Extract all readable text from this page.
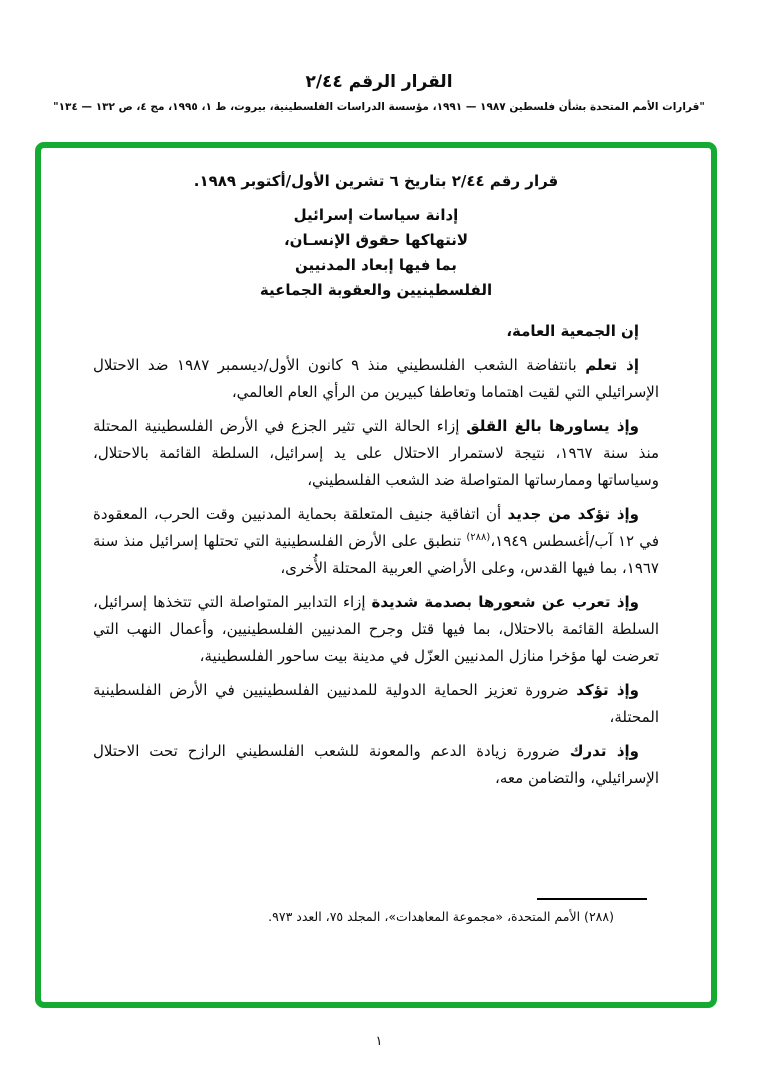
القرار الرقم ٢/٤٤
"قرارات الأمم المتحدة بشأن فلسطين ١٩٨٧ — ١٩٩١، مؤسسة الدراسات الفلسطينية، بيروت، ط ١، ١٩٩٥، مج ٤، ص ١٣٢ — ١٣٤"
قرار رقم ٢/٤٤ بتاريخ ٦ تشرين الأول/أكتوبر ١٩٨٩.
إدانة سياسات إسرائيل
لانتهاكها حقوق الإنسـان،
بما فيها إبعاد المدنيين
الفلسطينيين والعقوبة الجماعية

إن الجمعية العامة،

إذ تعلم بانتفاضة الشعب الفلسطيني منذ ٩ كانون الأول/ديسمبر ١٩٨٧ ضد الاحتلال الإسرائيلي التي لقيت اهتماما وتعاطفا كبيرين من الرأي العام العالمي،

وإذ يساورها بالغ القلق إزاء الحالة التي تثير الجزع في الأرض الفلسطينية المحتلة منذ سنة ١٩٦٧، نتيجة لاستمرار الاحتلال على يد إسرائيل، السلطة القائمة بالاحتلال، وسياساتها وممارساتها المتواصلة ضد الشعب الفلسطيني،

وإذ تؤكد من جديد أن اتفاقية جنيف المتعلقة بحماية المدنيين وقت الحرب، المعقودة في ١٢ آب/أغسطس ١٩٤٩،$^{(٢٨٨)}$ تنطبق على الأرض الفلسطينية التي تحتلها إسرائيل منذ سنة ١٩٦٧، بما فيها القدس، وعلى الأراضي العربية المحتلة الأُخرى،

وإذ تعرب عن شعورها بصدمة شديدة إزاء التدابير المتواصلة التي تتخذها إسرائيل، السلطة القائمة بالاحتلال، بما فيها قتل وجرح المدنيين الفلسطينيين، وأعمال النهب التي تعرضت لها مؤخرا منازل المدنيين العزّل في مدينة بيت ساحور الفلسطينية،

وإذ تؤكد ضرورة تعزيز الحماية الدولية للمدنيين الفلسطينيين في الأرض الفلسطينية المحتلة،

وإذ تدرك ضرورة زيادة الدعم والمعونة للشعب الفلسطيني الرازح تحت الاحتلال الإسرائيلي، والتضامن معه،

(٢٨٨) الأمم المتحدة، «مجموعة المعاهدات»، المجلد ٧٥، العدد ٩٧٣.
١
